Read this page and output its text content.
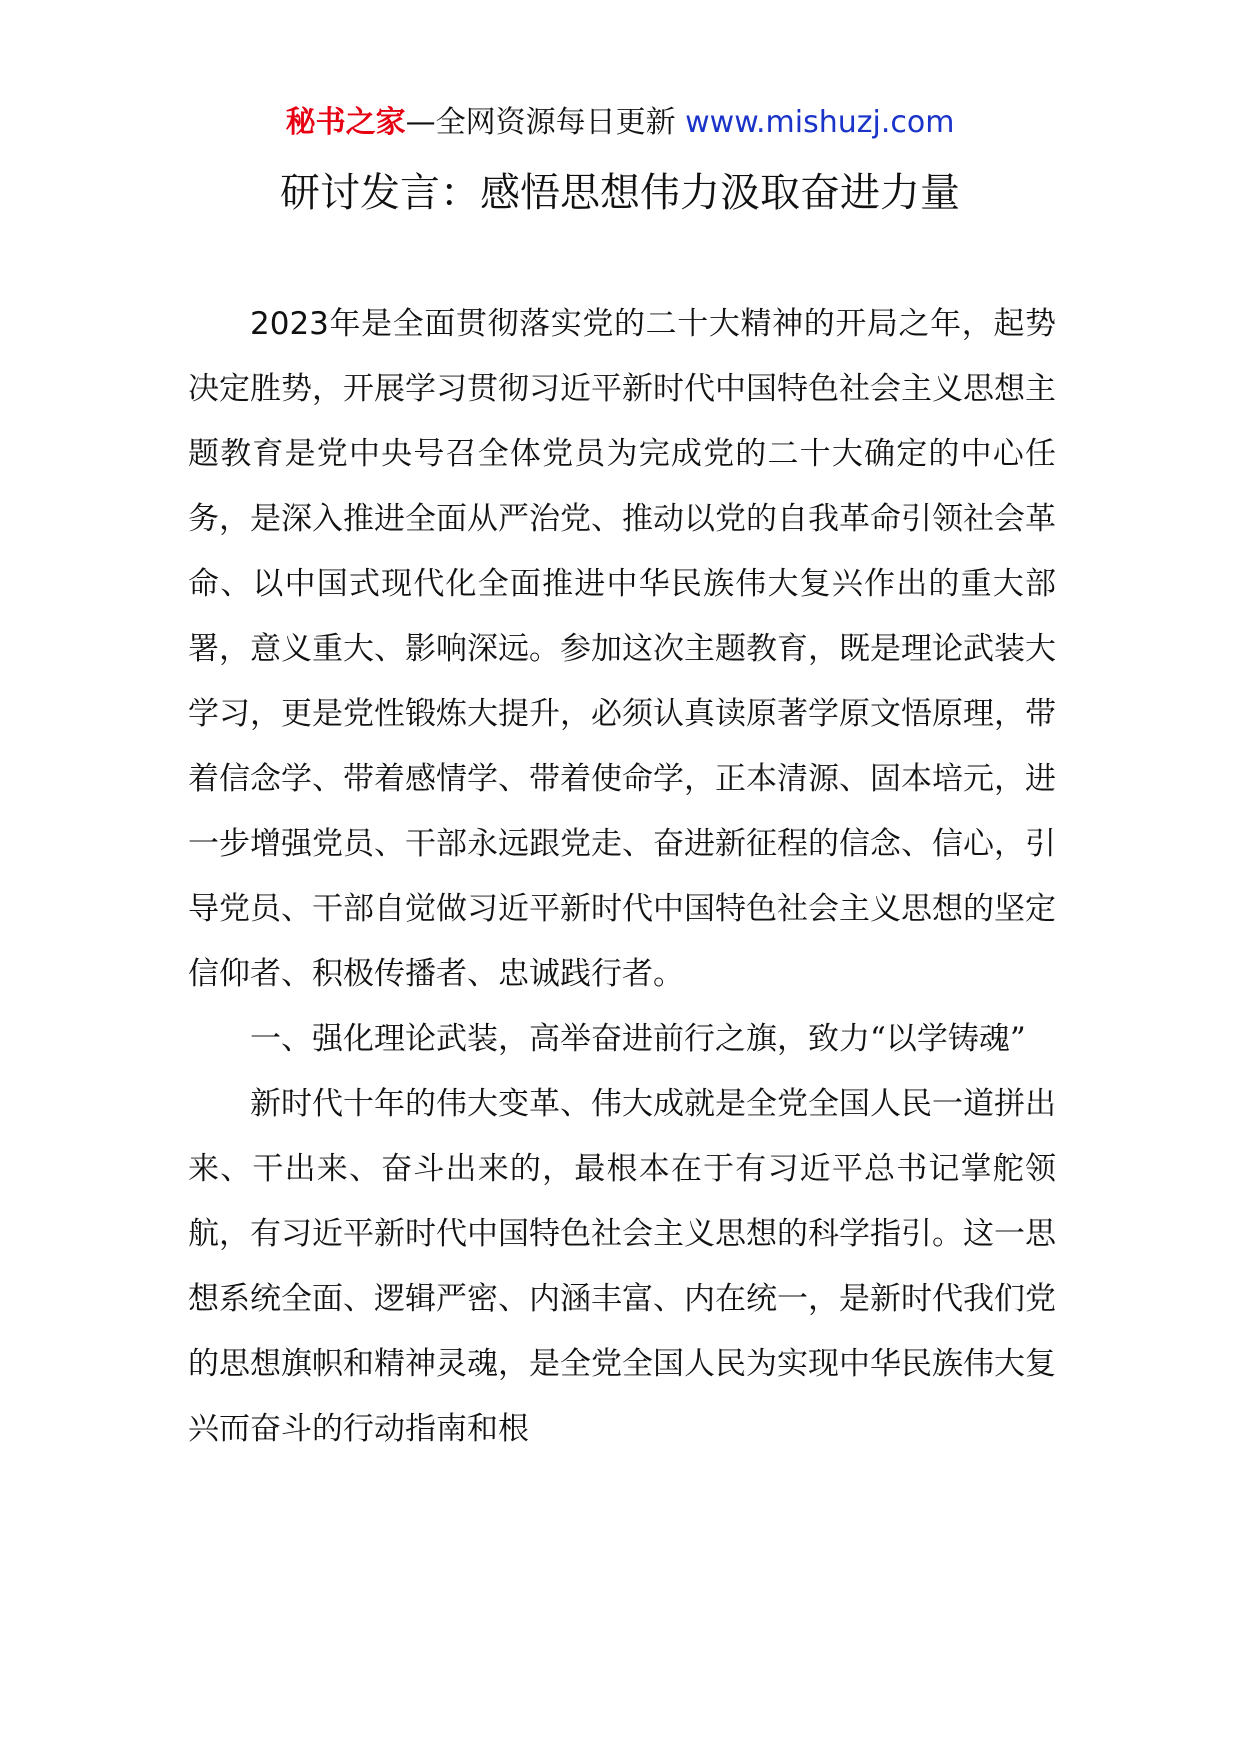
秘书之家—全网资源每日更新 www.mishuzj.com
研讨发言：感悟思想伟力汲取奋进力量

2023年是全面贯彻落实党的二十大精神的开局之年，起势决定胜势，开展学习贯彻习近平新时代中国特色社会主义思想主题教育是党中央号召全体党员为完成党的二十大确定的中心任务，是深入推进全面从严治党、推动以党的自我革命引领社会革命、以中国式现代化全面推进中华民族伟大复兴作出的重大部署，意义重大、影响深远。参加这次主题教育，既是理论武装大学习，更是党性锻炼大提升，必须认真读原著学原文悟原理，带着信念学、带着感情学、带着使命学，正本清源、固本培元，进一步增强党员、干部永远跟党走、奋进新征程的信念、信心，引导党员、干部自觉做习近平新时代中国特色社会主义思想的坚定信仰者、积极传播者、忠诚践行者。

一、强化理论武装，高举奋进前行之旗，致力“以学铸魂”

新时代十年的伟大变革、伟大成就是全党全国人民一道拼出来、干出来、奋斗出来的，最根本在于有习近平总书记掌舵领航，有习近平新时代中国特色社会主义思想的科学指引。这一思想系统全面、逻辑严密、内涵丰富、内在统一，是新时代我们党的思想旗帜和精神灵魂，是全党全国人民为实现中华民族伟大复兴而奋斗的行动指南和根
